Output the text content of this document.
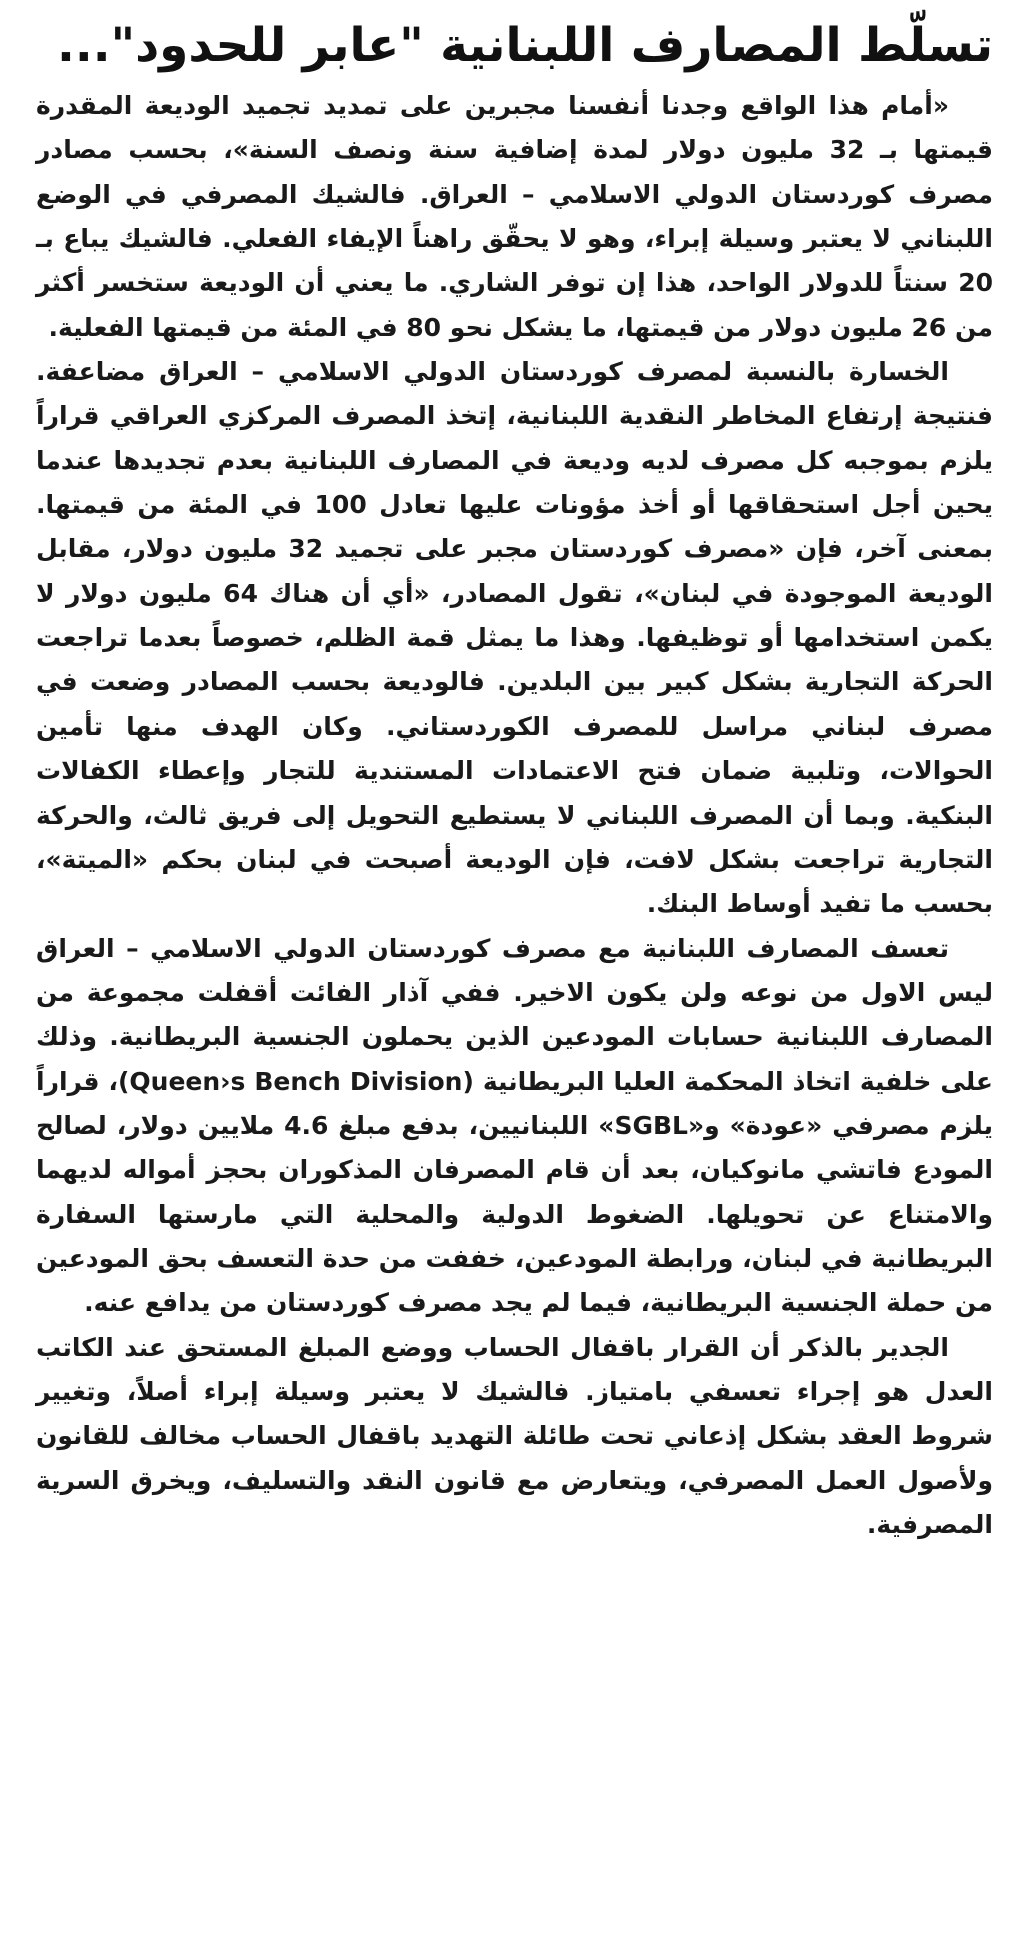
تسلّط المصارف اللبنانية "عابر للحدود"...

«أمام هذا الواقع وجدنا أنفسنا مجبرين على تمديد تجميد الوديعة المقدرة قيمتها بـ 32 مليون دولار لمدة إضافية سنة ونصف السنة»، بحسب مصادر مصرف كوردستان الدولي الاسلامي – العراق. فالشيك المصرفي في الوضع اللبناني لا يعتبر وسيلة إبراء، وهو لا يحقّق راهناً الإيفاء الفعلي. فالشيك يباع بـ 20 سنتاً للدولار الواحد، هذا إن توفر الشاري. ما يعني أن الوديعة ستخسر أكثر من 26 مليون دولار من قيمتها، ما يشكل نحو 80 في المئة من قيمتها الفعلية.

الخسارة بالنسبة لمصرف كوردستان الدولي الاسلامي – العراق مضاعفة. فنتيجة إرتفاع المخاطر النقدية اللبنانية، إتخذ المصرف المركزي العراقي قراراً يلزم بموجبه كل مصرف لديه وديعة في المصارف اللبنانية بعدم تجديدها عندما يحين أجل استحقاقها أو أخذ مؤونات عليها تعادل 100 في المئة من قيمتها. بمعنى آخر، فإن «مصرف كوردستان مجبر على تجميد 32 مليون دولار، مقابل الوديعة الموجودة في لبنان»، تقول المصادر، «أي أن هناك 64 مليون دولار لا يكمن استخدامها أو توظيفها. وهذا ما يمثل قمة الظلم، خصوصاً بعدما تراجعت الحركة التجارية بشكل كبير بين البلدين. فالوديعة بحسب المصادر وضعت في مصرف لبناني مراسل للمصرف الكوردستاني. وكان الهدف منها تأمين الحوالات، وتلبية ضمان فتح الاعتمادات المستندية للتجار وإعطاء الكفالات البنكية. وبما أن المصرف اللبناني لا يستطيع التحويل إلى فريق ثالث، والحركة التجارية تراجعت بشكل لافت، فإن الوديعة أصبحت في لبنان بحكم «الميتة»، بحسب ما تفيد أوساط البنك.

تعسف المصارف اللبنانية مع مصرف كوردستان الدولي الاسلامي – العراق ليس الاول من نوعه ولن يكون الاخير. ففي آذار الفائت أقفلت مجموعة من المصارف اللبنانية حسابات المودعين الذين يحملون الجنسية البريطانية. وذلك على خلفية اتخاذ المحكمة العليا البريطانية (Queen›s Bench Division)، قراراً يلزم مصرفي «عودة» و«SGBL» اللبنانيين، بدفع مبلغ 4.6 ملايين دولار، لصالح المودع فاتشي مانوكيان، بعد أن قام المصرفان المذكوران بحجز أمواله لديهما والامتناع عن تحويلها. الضغوط الدولية والمحلية التي مارستها السفارة البريطانية في لبنان، ورابطة المودعين، خففت من حدة التعسف بحق المودعين من حملة الجنسية البريطانية، فيما لم يجد مصرف كوردستان من يدافع عنه.

الجدير بالذكر أن القرار باقفال الحساب ووضع المبلغ المستحق عند الكاتب العدل هو إجراء تعسفي بامتياز. فالشيك لا يعتبر وسيلة إبراء أصلاً، وتغيير شروط العقد بشكل إذعاني تحت طائلة التهديد باقفال الحساب مخالف للقانون ولأصول العمل المصرفي، ويتعارض مع قانون النقد والتسليف، ويخرق السرية المصرفية.
